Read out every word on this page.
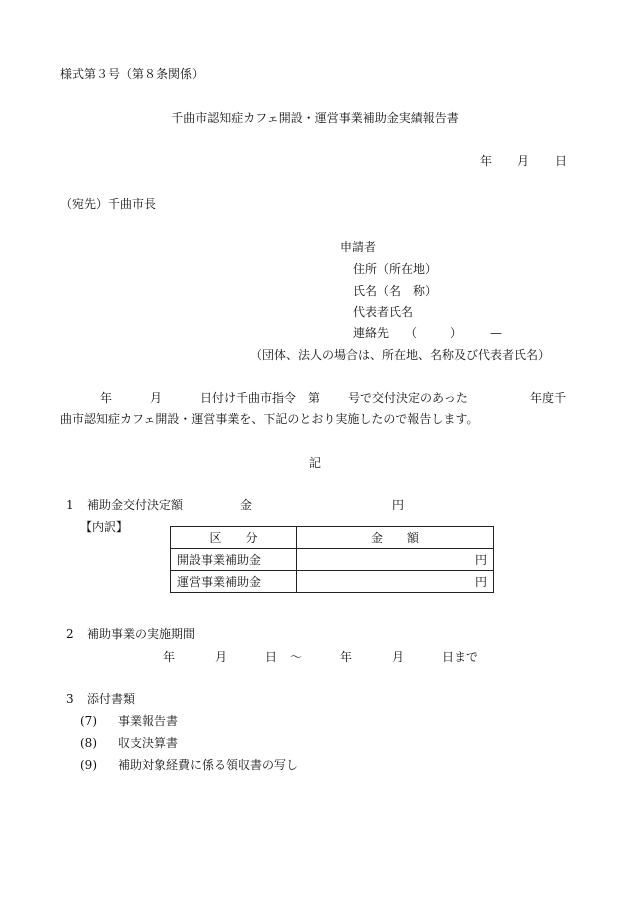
様式第３号（第８条関係）
千曲市認知症カフェ開設・運営事業補助金実績報告書
年 月 日
（宛先）千曲市長
申請者
住所（所在地）
氏名（名　称）
代表者氏名
連絡先 （	） —
（団体、法人の場合は、所在地、名称及び代表者氏名）
年	月	日付け千曲市指令　第 号で交付決定のあった	年度千
曲市認知症カフェ開設・運営事業を、下記のとおり実施したので報告します。
記
1 補助金交付決定額	金	円
【内訳】
区　　分	金　　額
開設事業補助金	円
運営事業補助金	円
2 補助事業の実施期間
年	月	日 ～	年	月	日まで
3 添付書類
(7) 事業報告書
(8) 収支決算書
(9) 補助対象経費に係る領収書の写し
